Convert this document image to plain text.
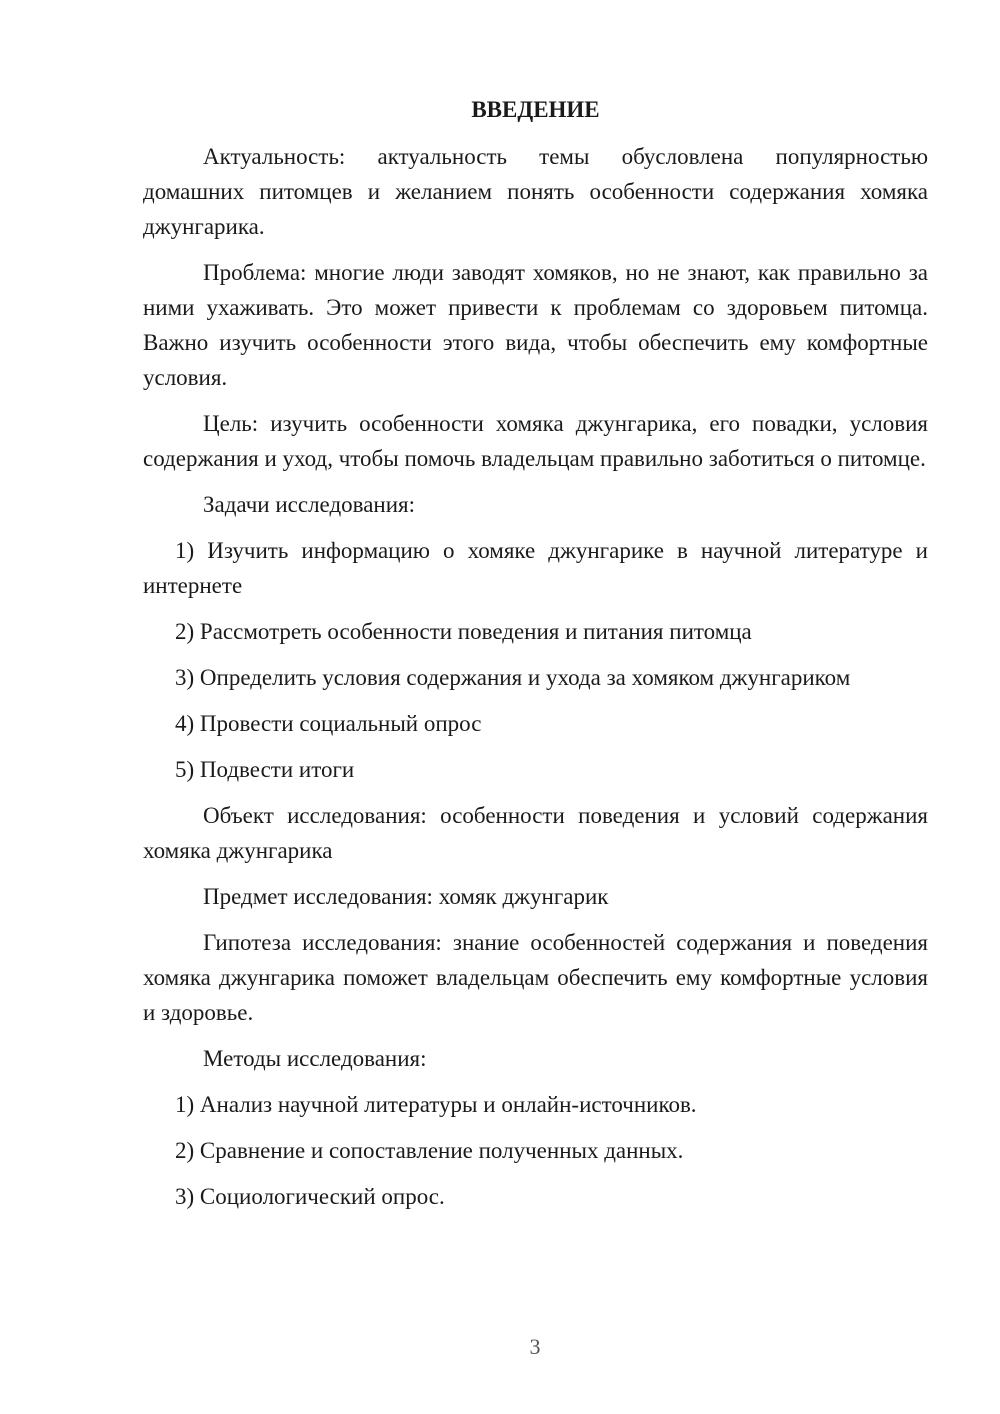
ВВЕДЕНИЕ

Актуальность: актуальность темы обусловлена популярностью домашних питомцев и желанием понять особенности содержания хомяка джунгарика.

Проблема: многие люди заводят хомяков, но не знают, как правильно за ними ухаживать. Это может привести к проблемам со здоровьем питомца. Важно изучить особенности этого вида, чтобы обеспечить ему комфортные условия.

Цель: изучить особенности хомяка джунгарика, его повадки, условия содержания и уход, чтобы помочь владельцам правильно заботиться о питомце.

Задачи исследования:

1) Изучить информацию о хомяке джунгарике в научной литературе и интернете

2) Рассмотреть особенности поведения и питания питомца

3) Определить условия содержания и ухода за хомяком джунгариком

4) Провести социальный опрос

5) Подвести итоги

Объект исследования: особенности поведения и условий содержания хомяка джунгарика

Предмет исследования: хомяк джунгарик

Гипотеза исследования: знание особенностей содержания и поведения хомяка джунгарика поможет владельцам обеспечить ему комфортные условия и здоровье.

Методы исследования:

1) Анализ научной литературы и онлайн-источников.

2) Сравнение и сопоставление полученных данных.

3) Социологический опрос.

3
